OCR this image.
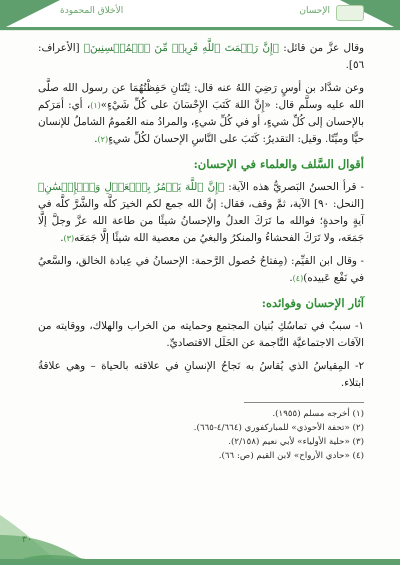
الأخلاق المحمودة	الإحسان

وقال عزَّ من قائل: ﴿إِنَّ رَحۡمَتَ ٱللَّهِ قَرِيبٞ مِّنَ ٱلۡمُحۡسِنِينَ﴾ [الأعراف: ٥٦].

وعن شدَّاد بن أوسٍ رَضِيَ اللهُ عنه قال: ثِنْتَانِ حَفِظْتُهُمَا عن رسول الله صلَّى الله عليه وسلَّم قال: «إِنَّ اللهَ كَتَبَ الإِحْسَانَ على كُلِّ شَيْءٍ»(١)، أي: أمَرَكم بالإحسان إلى كُلِّ شيءٍ، أو في كُلِّ شيءٍ، والمرادُ منه العُمومُ الشاملُ للإنسان حيًّا وميِّتًا. وقيل: التقديرُ: كَتَبَ على النَّاسِ الإحسانَ لكُلِّ شيءٍ(٢).

أقوال السَّلف والعلماء في الإحسان:

- قرأ الحسنُ البَصريُّ هذه الآية: ﴿إِنَّ ٱللَّهَ يَأۡمُرُ بِٱلۡعَدۡلِ وَٱلۡإِحۡسَٰنِ﴾ [النحل: ٩٠] الآية، ثمَّ وقف، فقال: إنَّ الله جمع لكم الخيرَ كلَّه والشَّرَّ كلَّه في آيةٍ واحدةٍ؛ فوالله ما تَرَكَ العدلُ والإحسانُ شيئًا من طاعة الله عزَّ وجلَّ إلَّا جَمَعَه، ولا تَرَكَ الفحشاءُ والمنكرُ والبغيُ من معصية الله شيئًا إلَّا جَمَعَه(٣).

- وقال ابن القيِّم: (مِفتاحُ حُصول الرَّحمة: الإحسانُ في عِبادة الخالق، والسَّعيُ في نَفْع عَبيده)(٤).

آثار الإحسان وفوائده:

١- سببٌ في تماسُكِ بُنيان المجتمع وحمايته من الخراب والهلاك، ووقايته من الآفات الاجتماعيَّة النَّاجمة عن الخَلَل الاقتصاديِّ.

٢- المِقياسُ الذي يُقاسُ به نَجاحُ الإنسانِ في علاقته بالحياة – وهي علاقةُ ابتلاء.

(١) أخرجه مسلم (١٩٥٥).
(٢) «تحفة الأحوذي» للمباركفوري (٤/٦٦٤-٦٦٥).
(٣) «حلية الأولياء» لأبي نعيم (٢/١٥٨).
(٤) «حادي الأرواح» لابن القيم (ص: ٦٦).
٣٠
